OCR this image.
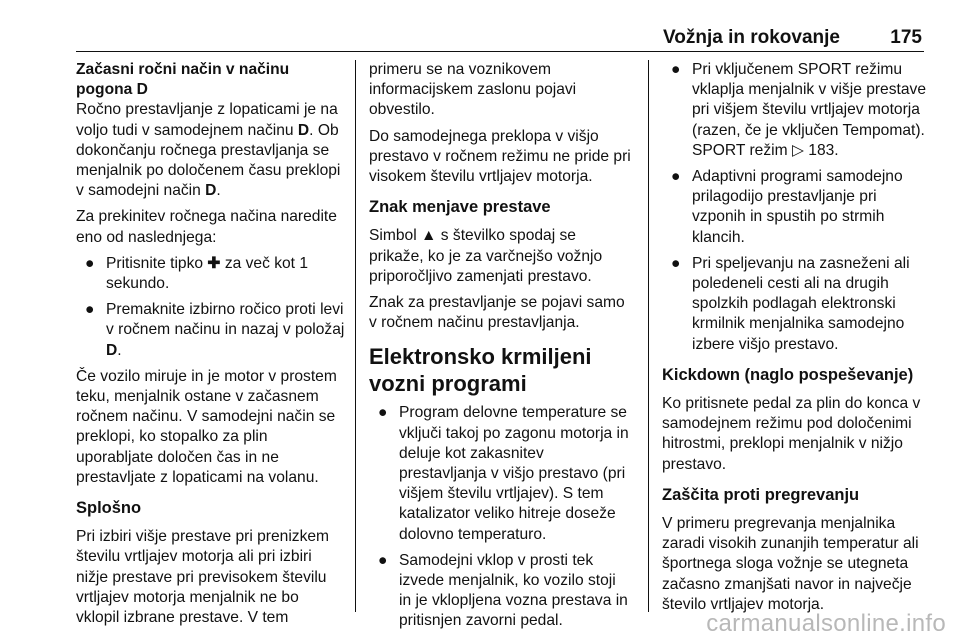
Vožnja in rokovanje	175

Začasni ročni način v načinu pogona D

Ročno prestavljanje z lopaticami je na voljo tudi v samodejnem načinu D. Ob dokončanju ročnega prestavljanja se menjalnik po določenem času preklopi v samodejni način D.

Za prekinitev ročnega načina naredite eno od naslednjega:

● Pritisnite tipko ✚ za več kot 1 sekundo.
● Premaknite izbirno ročico proti levi v ročnem načinu in nazaj v položaj D.

Če vozilo miruje in je motor v prostem teku, menjalnik ostane v začasnem ročnem načinu. V samodejni način se preklopi, ko stopalko za plin uporabljate določen čas in ne prestavljate z lopaticami na volanu.

Splošno

Pri izbiri višje prestave pri prenizkem številu vrtljajev motorja ali pri izbiri nižje prestave pri previsokem številu vrtljajev motorja menjalnik ne bo vklopil izbrane prestave. V tem

primeru se na voznikovem informacijskem zaslonu pojavi obvestilo.

Do samodejnega preklopa v višjo prestavo v ročnem režimu ne pride pri visokem številu vrtljajev motorja.

Znak menjave prestave

Simbol ▲ s številko spodaj se prikaže, ko je za varčnejšo vožnjo priporočljivo zamenjati prestavo.

Znak za prestavljanje se pojavi samo v ročnem načinu prestavljanja.

Elektronsko krmiljeni vozni programi

● Program delovne temperature se vključi takoj po zagonu motorja in deluje kot zakasnitev prestavljanja v višjo prestavo (pri višjem številu vrtljajev). S tem katalizator veliko hitreje doseže dolovno temperaturo.
● Samodejni vklop v prosti tek izvede menjalnik, ko vozilo stoji in je vklopljena vozna prestava in pritisnjen zavorni pedal.
● Pri vključenem SPORT režimu vklaplja menjalnik v višje prestave pri višjem številu vrtljajev motorja (razen, če je vključen Tempomat). SPORT režim ▷ 183.
● Adaptivni programi samodejno prilagodijo prestavljanje pri vzponih in spustih po strmih klancih.
● Pri speljevanju na zasneženi ali poledeneli cesti ali na drugih spolzkih podlagah elektronski krmilnik menjalnika samodejno izbere višjo prestavo.

Kickdown (naglo pospeševanje)

Ko pritisnete pedal za plin do konca v samodejnem režimu pod določenimi hitrostmi, preklopi menjalnik v nižjo prestavo.

Zaščita proti pregrevanju

V primeru pregrevanja menjalnika zaradi visokih zunanjih temperatur ali športnega sloga vožnje se utegneta začasno zmanjšati navor in največje število vrtljajev motorja.

carmanualsonline.info
